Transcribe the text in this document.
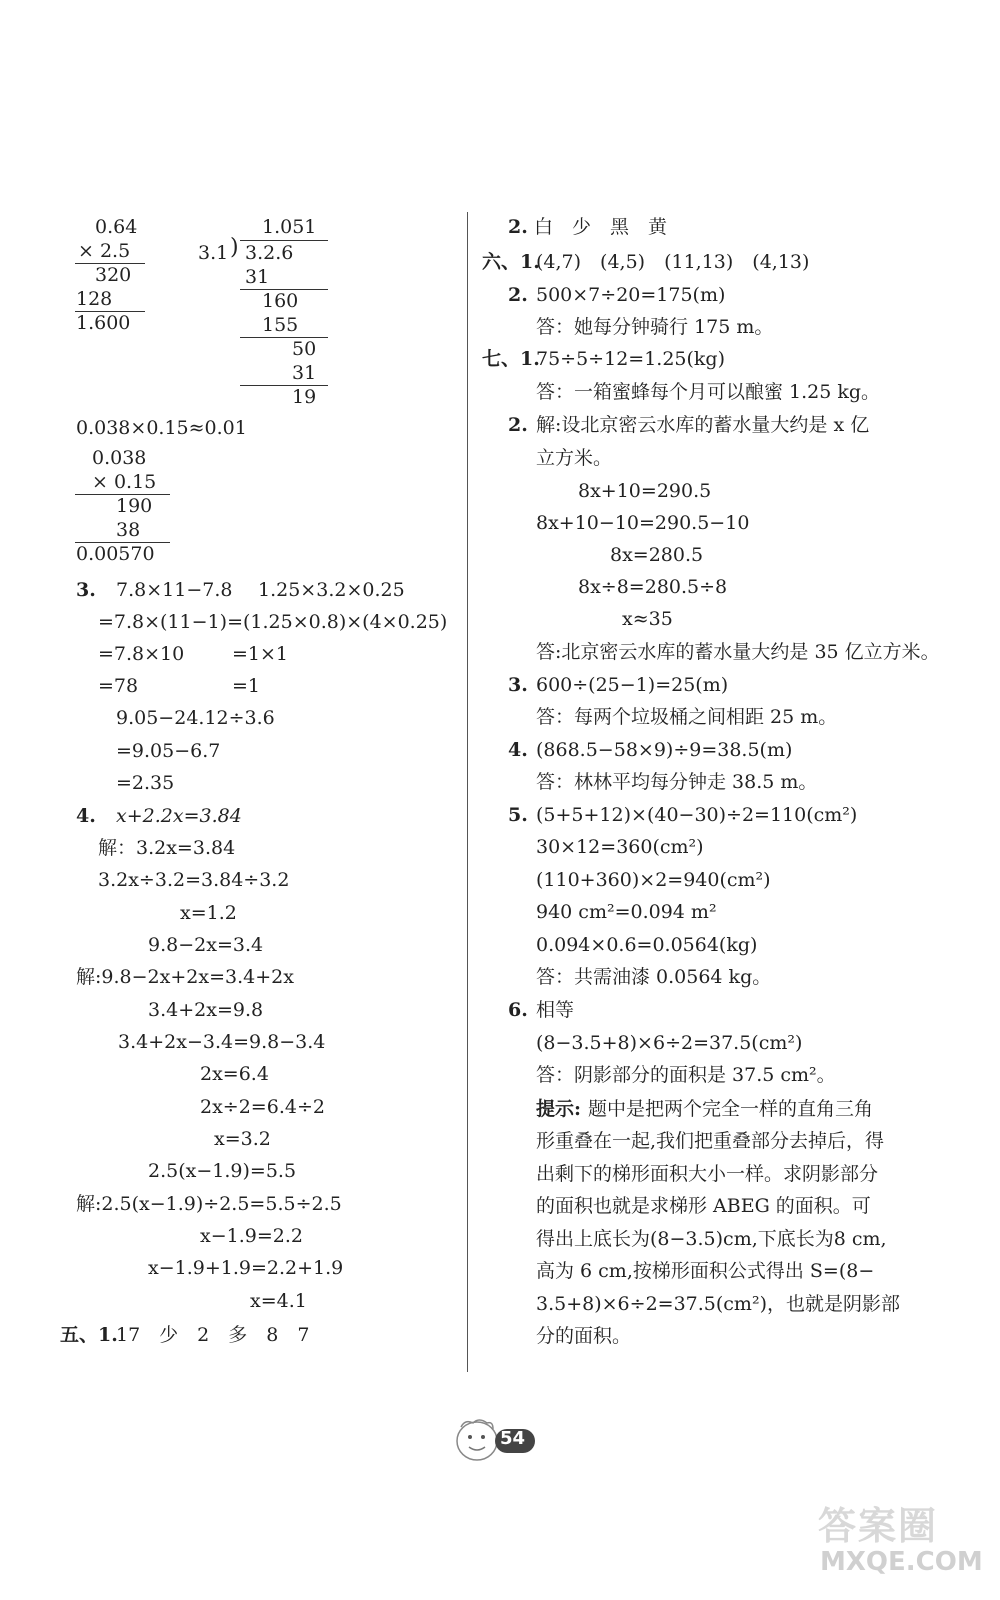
0.64
× 2.5
320
128
1.600
1.051
3.1 ) 3.2.6
31
160
155
50
31
19
0.038×0.15≈0.01
0.038
× 0.15
190
38
0.00570
3. 7.8×11−7.8 1.25×3.2×0.25
=7.8×(11−1)=(1.25×0.8)×(4×0.25)
=7.8×10	=1×1
=78	=1
9.05−24.12÷3.6
=9.05−6.7
=2.35
4. x+2.2x=3.84
解：3.2x=3.84
3.2x÷3.2=3.84÷3.2
x=1.2
9.8−2x=3.4
解:9.8−2x+2x=3.4+2x
3.4+2x=9.8
3.4+2x−3.4=9.8−3.4
2x=6.4
2x÷2=6.4÷2
x=3.2
2.5(x−1.9)=5.5
解:2.5(x−1.9)÷2.5=5.5÷2.5
x−1.9=2.2
x−1.9+1.9=2.2+1.9
x=4.1
五、1.
17　少　2　多　8　7
2. 白　少　黑　黄
六、1.
(4,7)　(4,5)　(11,13)　(4,13)
2. 500×7÷20=175(m)
答：她每分钟骑行 175 m。
七、1.
75÷5÷12=1.25(kg)
答：一箱蜜蜂每个月可以酿蜜 1.25 kg。
2. 解:设北京密云水库的蓄水量大约是 x 亿
立方米。
8x+10=290.5
8x+10−10=290.5−10
8x=280.5
8x÷8=280.5÷8
x≈35
答:北京密云水库的蓄水量大约是 35 亿立方米。
3. 600÷(25−1)=25(m)
答：每两个垃圾桶之间相距 25 m。
4. (868.5−58×9)÷9=38.5(m)
答：林林平均每分钟走 38.5 m。
5. (5+5+12)×(40−30)÷2=110(cm²)
30×12=360(cm²)
(110+360)×2=940(cm²)
940 cm²=0.094 m²
0.094×0.6=0.0564(kg)
答：共需油漆 0.0564 kg。
6. 相等
(8−3.5+8)×6÷2=37.5(cm²)
答：阴影部分的面积是 37.5 cm²。
提示: 题中是把两个完全一样的直角三角
形重叠在一起,我们把重叠部分去掉后，得
出剩下的梯形面积大小一样。求阴影部分
的面积也就是求梯形 ABEG 的面积。可
得出上底长为(8−3.5)cm,下底长为8 cm,
高为 6 cm,按梯形面积公式得出 S=(8−
3.5+8)×6÷2=37.5(cm²)，也就是阴影部
分的面积。
54
答案圈
MXQE.COM
